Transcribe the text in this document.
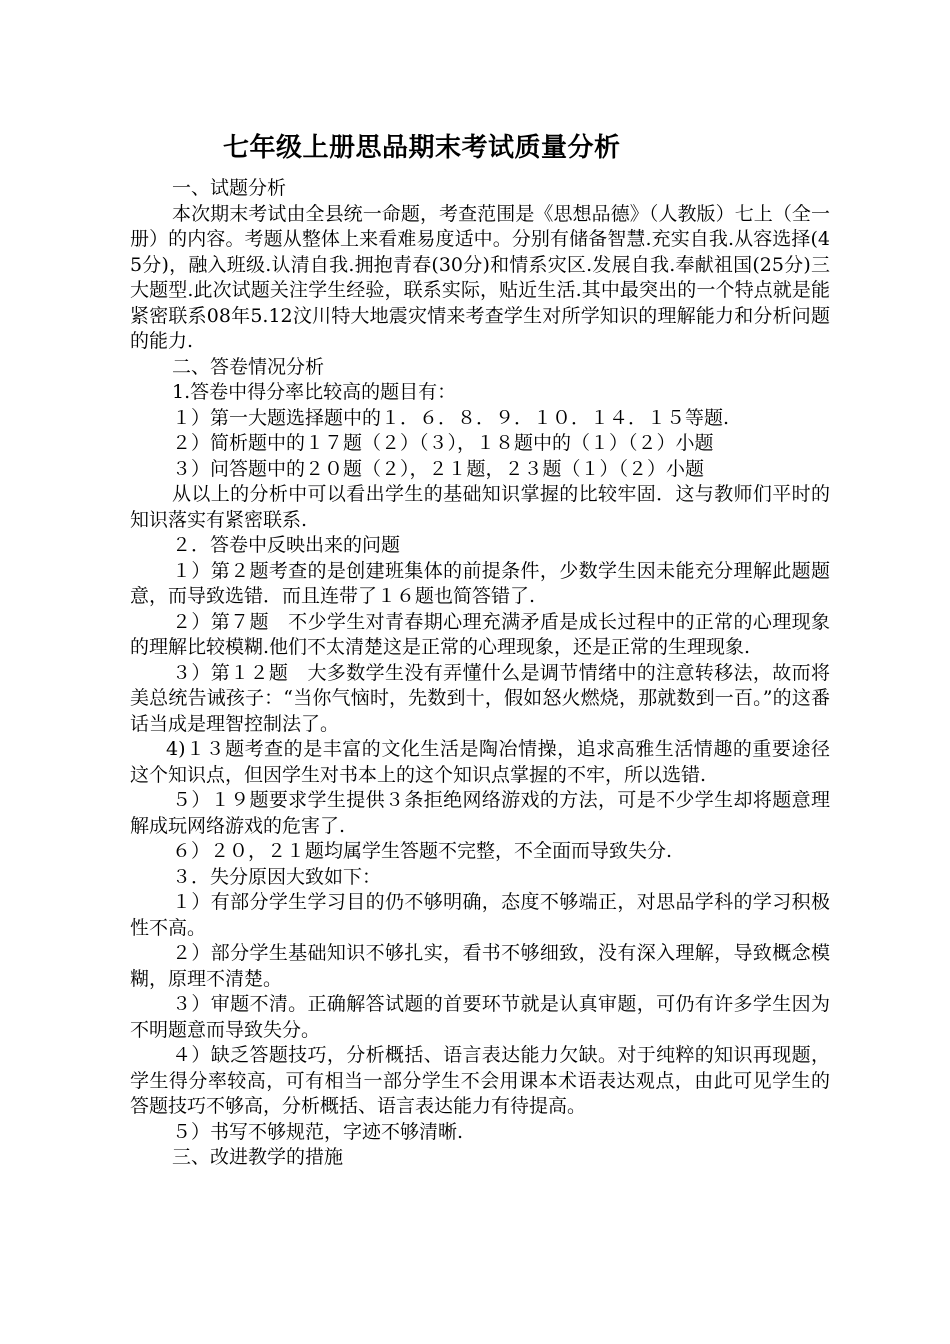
七年级上册思品期末考试质量分析

一、试题分析

本次期末考试由全县统一命题，考查范围是《思想品德》（人教版）七上（全一册）的内容。考题从整体上来看难易度适中。分别有储备智慧.充实自我.从容选择(45分)，融入班级.认清自我.拥抱青春(30分)和情系灾区.发展自我.奉献祖国(25分)三大题型.此次试题关注学生经验，联系实际，贴近生活.其中最突出的一个特点就是能紧密联系08年5.12汶川特大地震灾情来考查学生对所学知识的理解能力和分析问题的能力.

二、答卷情况分析

1.答卷中得分率比较高的题目有：

１）第一大题选择题中的１．６．８．９．１０．１４．１５等题.

２）简析题中的１７题（２）（３），１８题中的（１）（２）小题

３）问答题中的２０题（２），２１题，２３题（１）（２）小题

从以上的分析中可以看出学生的基础知识掌握的比较牢固．这与教师们平时的知识落实有紧密联系.

２．答卷中反映出来的问题

１）第２题考查的是创建班集体的前提条件，少数学生因未能充分理解此题题意，而导致选错．而且连带了１６题也简答错了.

２）第７题　不少学生对青春期心理充满矛盾是成长过程中的正常的心理现象的理解比较模糊.他们不太清楚这是正常的心理现象，还是正常的生理现象.

３）第１２题　大多数学生没有弄懂什么是调节情绪中的注意转移法，故而将美总统告诫孩子：“当你气恼时，先数到十，假如怒火燃烧，那就数到一百。”的这番话当成是理智控制法了。

4)１３题考查的是丰富的文化生活是陶冶情操，追求高雅生活情趣的重要途径这个知识点，但因学生对书本上的这个知识点掌握的不牢，所以选错.

５）１９题要求学生提供３条拒绝网络游戏的方法，可是不少学生却将题意理解成玩网络游戏的危害了.

６）２０，２１题均属学生答题不完整，不全面而导致失分.

３．失分原因大致如下：

１）有部分学生学习目的仍不够明确，态度不够端正，对思品学科的学习积极性不高。

２）部分学生基础知识不够扎实，看书不够细致，没有深入理解，导致概念模糊，原理不清楚。

３）审题不清。正确解答试题的首要环节就是认真审题，可仍有许多学生因为不明题意而导致失分。

４）缺乏答题技巧，分析概括、语言表达能力欠缺。对于纯粹的知识再现题，学生得分率较高，可有相当一部分学生不会用课本术语表达观点，由此可见学生的答题技巧不够高，分析概括、语言表达能力有待提高。

５）书写不够规范，字迹不够清晰.

三、改进教学的措施
